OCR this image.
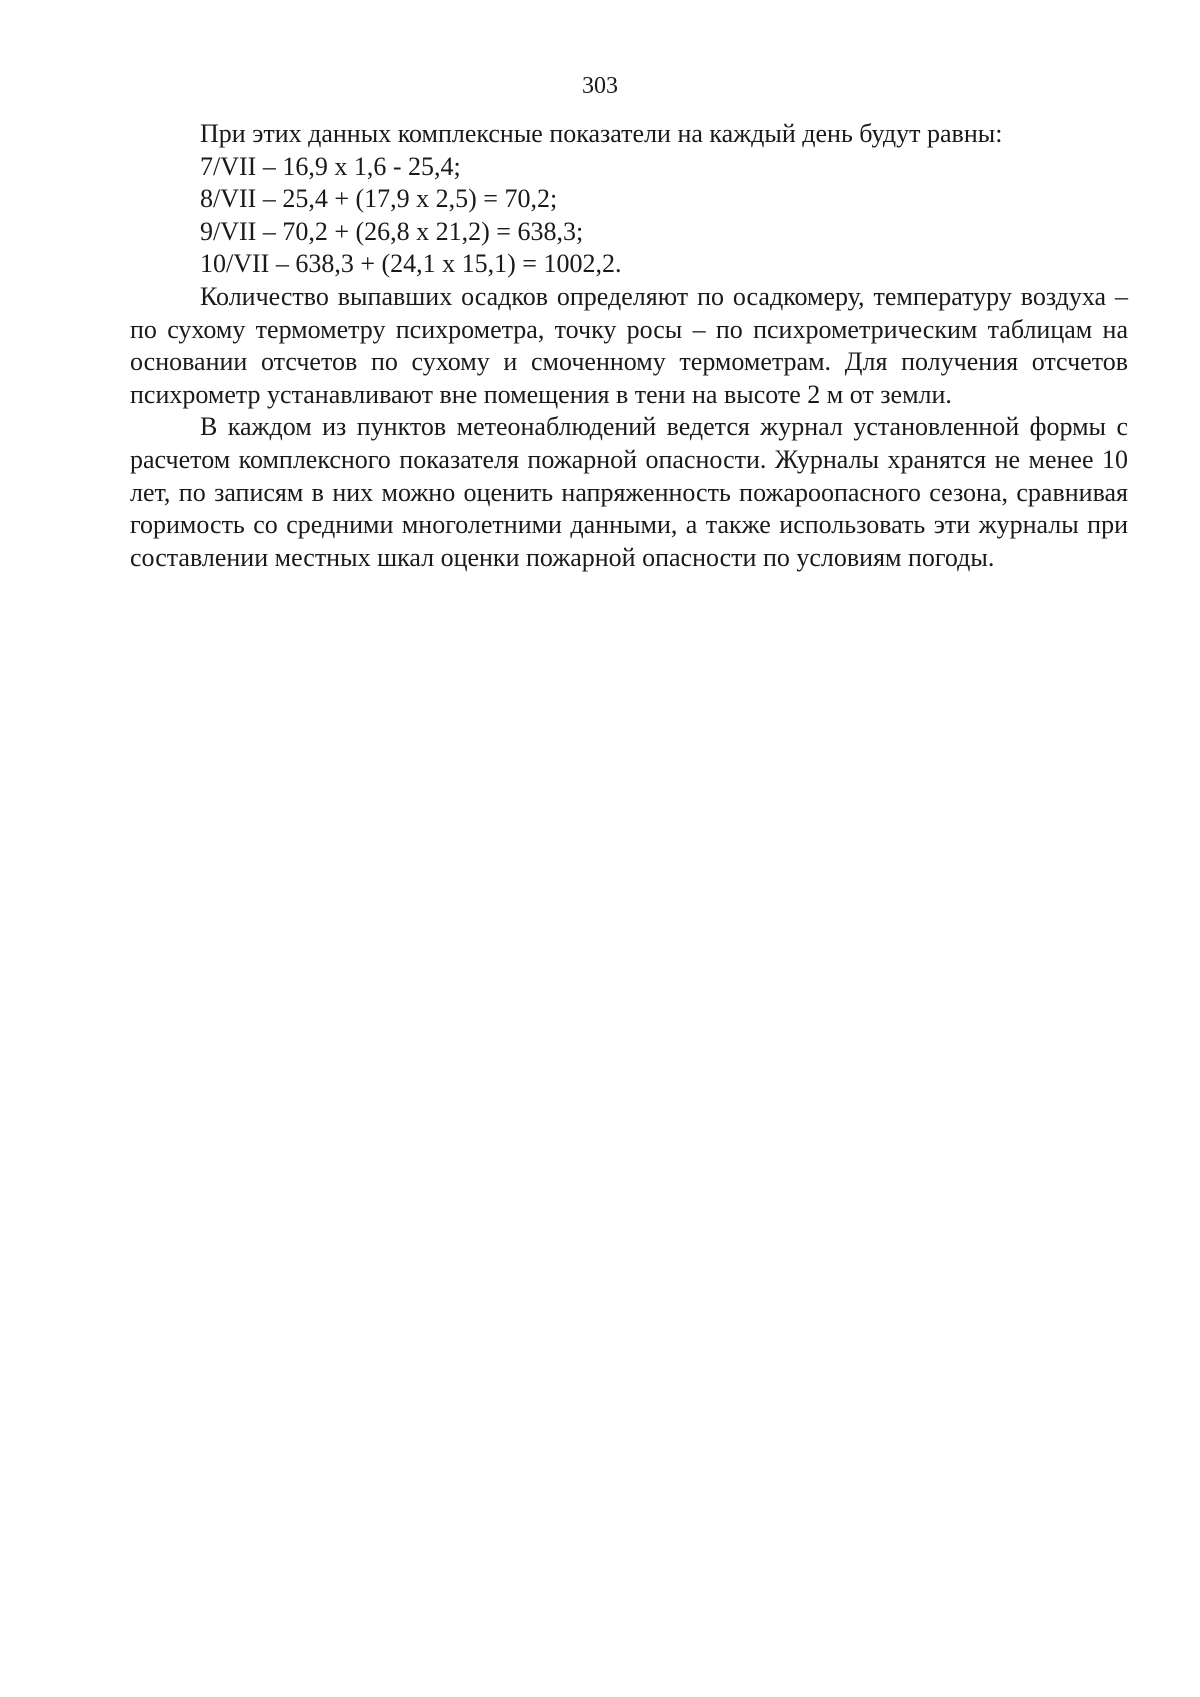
303

При этих данных комплексные показатели на каждый день будут равны:

7/VII – 16,9 х 1,6 - 25,4;

8/VII – 25,4 + (17,9 х 2,5) = 70,2;

9/VII – 70,2 + (26,8 х 21,2) = 638,3;

10/VII – 638,3 + (24,1 х 15,1) = 1002,2.

Количество выпавших осадков определяют по осадкомеру, температуру воздуха – по сухому термометру психрометра, точку росы – по психрометрическим таблицам на основании отсчетов по сухому и смоченному термометрам. Для получения отсчетов психрометр устанавливают вне помещения в тени на высоте 2 м от земли.

В каждом из пунктов метеонаблюдений ведется журнал установленной формы с расчетом комплексного показателя пожарной опасности. Журналы хранятся не менее 10 лет, по записям в них можно оценить напряженность пожароопасного сезона, сравнивая горимость со средними многолетними данными, а также использовать эти журналы при составлении местных шкал оценки пожарной опасности по условиям погоды.
